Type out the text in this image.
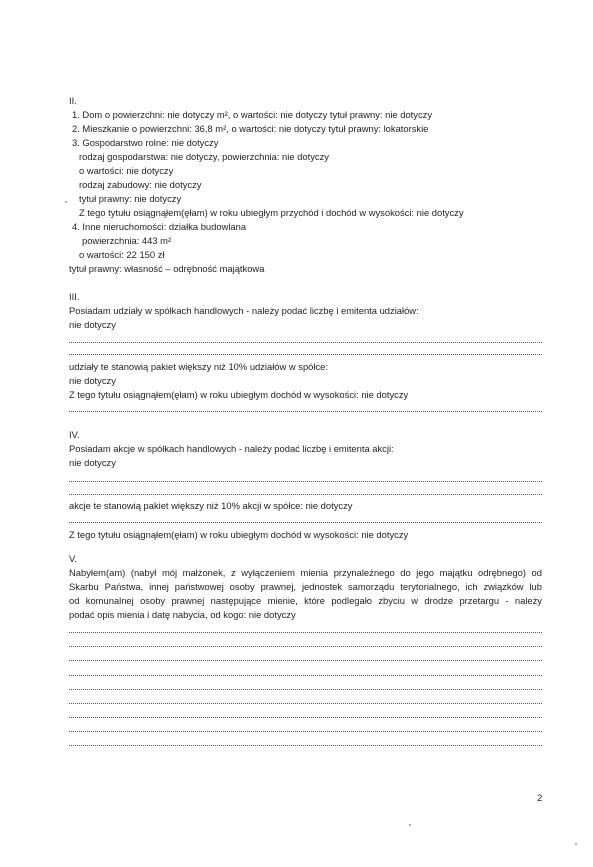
II.
1. Dom o powierzchni: nie dotyczy m², o wartości: nie dotyczy tytuł prawny: nie dotyczy
2. Mieszkanie o powierzchni: 36,8 m², o wartości: nie dotyczy tytuł prawny: lokatorskie
3. Gospodarstwo rolne: nie dotyczy
rodzaj gospodarstwa: nie dotyczy, powierzchnia: nie dotyczy
o wartości: nie dotyczy
rodzaj zabudowy: nie dotyczy
tytuł prawny: nie dotyczy
Z tego tytułu osiągnąłem(ęłam) w roku ubiegłym przychód i dochód w wysokości: nie dotyczy
4. Inne nieruchomości: działka budowlana
powierzchnia: 443 m²
o wartości: 22 150 zł
tytuł prawny: własność – odrębność majątkowa
III.
Posiadam udziały w spółkach handlowych - należy podać liczbę i emitenta udziałów:
nie dotyczy
udziały te stanowią pakiet większy niż 10% udziałów w spółce:
nie dotyczy
Z tego tytułu osiągnąłem(ęłam) w roku ubiegłym dochód w wysokości: nie dotyczy
IV.
Posiadam akcje w spółkach handlowych - należy podać liczbę i emitenta akcji:
nie dotyczy
akcje te stanowią pakiet większy niż 10% akcji w spółce: nie dotyczy
Z tego tytułu osiągnąłem(ęłam) w roku ubiegłym dochód w wysokości: nie dotyczy
V.
Nabyłem(am) (nabył mój małżonek, z wyłączeniem mienia przynależnego do jego majątku odrębnego) od
Skarbu Państwa, innej państwowej osoby prawnej, jednostek samorządu terytorialnego, ich związków lub
od komunalnej osoby prawnej następujące mienie, które podlegało zbyciu w drodze przetargu - należy
podać opis mienia i datę nabycia, od kogo: nie dotyczy
2
